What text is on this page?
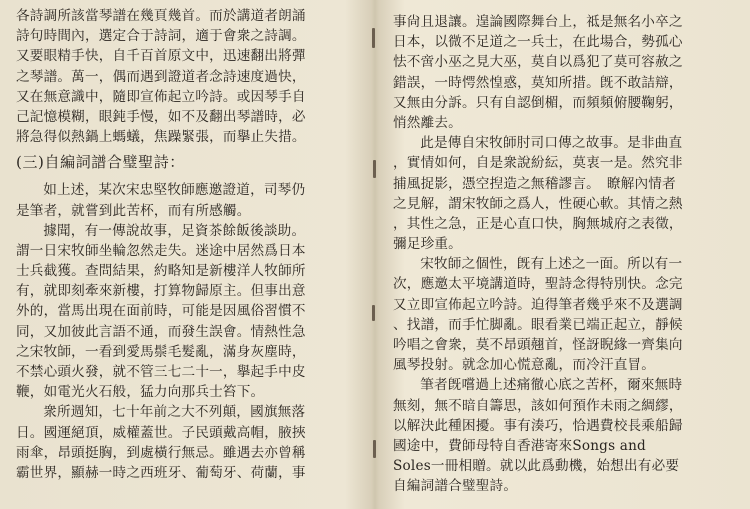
各詩調所該當琴譜在幾頁幾首。而於講道者朗誦
詩句時間內，選定合于詩詞，適于會衆之詩調。
又要眼精手快，自千百首原文中，迅速翻出將彈
之琴譜。萬一，偶而遇到證道者念詩速度過快，
又在無意識中，隨即宣佈起立吟詩。或因琴手自
己記憶模糊，眼鈍手慢，如不及翻出琴譜時，必
將急得似熱鍋上螞蟻，焦躁緊張，而擧止失措。
(三)自編詞譜合璧聖詩：
如上述，某次宋忠堅牧師應邀證道，司琴仍
是筆者，就嘗到此苦杯，而有所感觸。
據聞，有一傳說故事，足資茶餘飯後談助。
謂一日宋牧師坐輪忽然走失。迷途中居然爲日本
士兵截獲。查問結果，約略知是新樓洋人牧師所
有，就即刻牽來新樓，打算物歸原主。但事出意
外的，當馬出現在面前時，可能是因風俗習慣不
同，又加彼此言語不通，而發生誤會。情熱性急
之宋牧師，一看到愛馬鬃毛髮亂，滿身灰塵時，
不禁心頭火發，就不管三七二十一，擧起手中皮
鞭，如電光火石般，猛力向那兵士笞下。
衆所週知，七十年前之大不列顛，國旗無落
日。國運絕頂，威權蓋世。子民頭戴高帽，腋挾
雨傘，昂頭挺胸，到處橫行無忌。雖遇去亦曾稱
霸世界，顯赫一時之西班牙、葡萄牙、荷蘭，事
事尙且退讓。遑論國際舞台上，祗是無名小卒之
日本，以微不足道之一兵士，在此場合，勢孤心
怯不啻小巫之見大巫，莫自以爲犯了莫可容赦之
錯誤，一時愕然惶惑，莫知所措。旣不敢詰辯，
又無由分訴。只有自認倒楣，而頻頻俯腰鞠躬，
悄然離去。
此是傳自宋牧師肘司口傳之故事。是非曲直
，實情如何，自是衆說紛紜，莫衷一是。然究非
捕風捉影，憑空揑造之無稽謬言。　瞭解內情者
之見解，謂宋牧師之爲人，性硬心軟。其情之熱
，其性之急，正是心直口快，胸無城府之表徵，
彌足珍重。
宋牧師之個性，旣有上述之一面。所以有一
次，應邀太平境講道時，聖詩念得特別快。念完
又立即宣佈起立吟詩。迫得筆者幾乎來不及選調
、找譜，而手忙脚亂。眼看業已端正起立，靜候
吟唱之會衆，莫不昂頭翹首，怪訝睨緣一齊集向
風琴投射。就念加心慌意亂，而冷汗直冒。
筆者旣嚐過上述痛徹心底之苦杯，爾來無時
無刻，無不暗自籌思，該如何預作未雨之綢繆，
以解決此種困擾。事有湊巧，恰遇費校長乘船歸
國途中，費師母特自香港寄來Songs and
Soles一冊相贈。就以此爲動機，始想出有必要
自編詞譜合璧聖詩。
